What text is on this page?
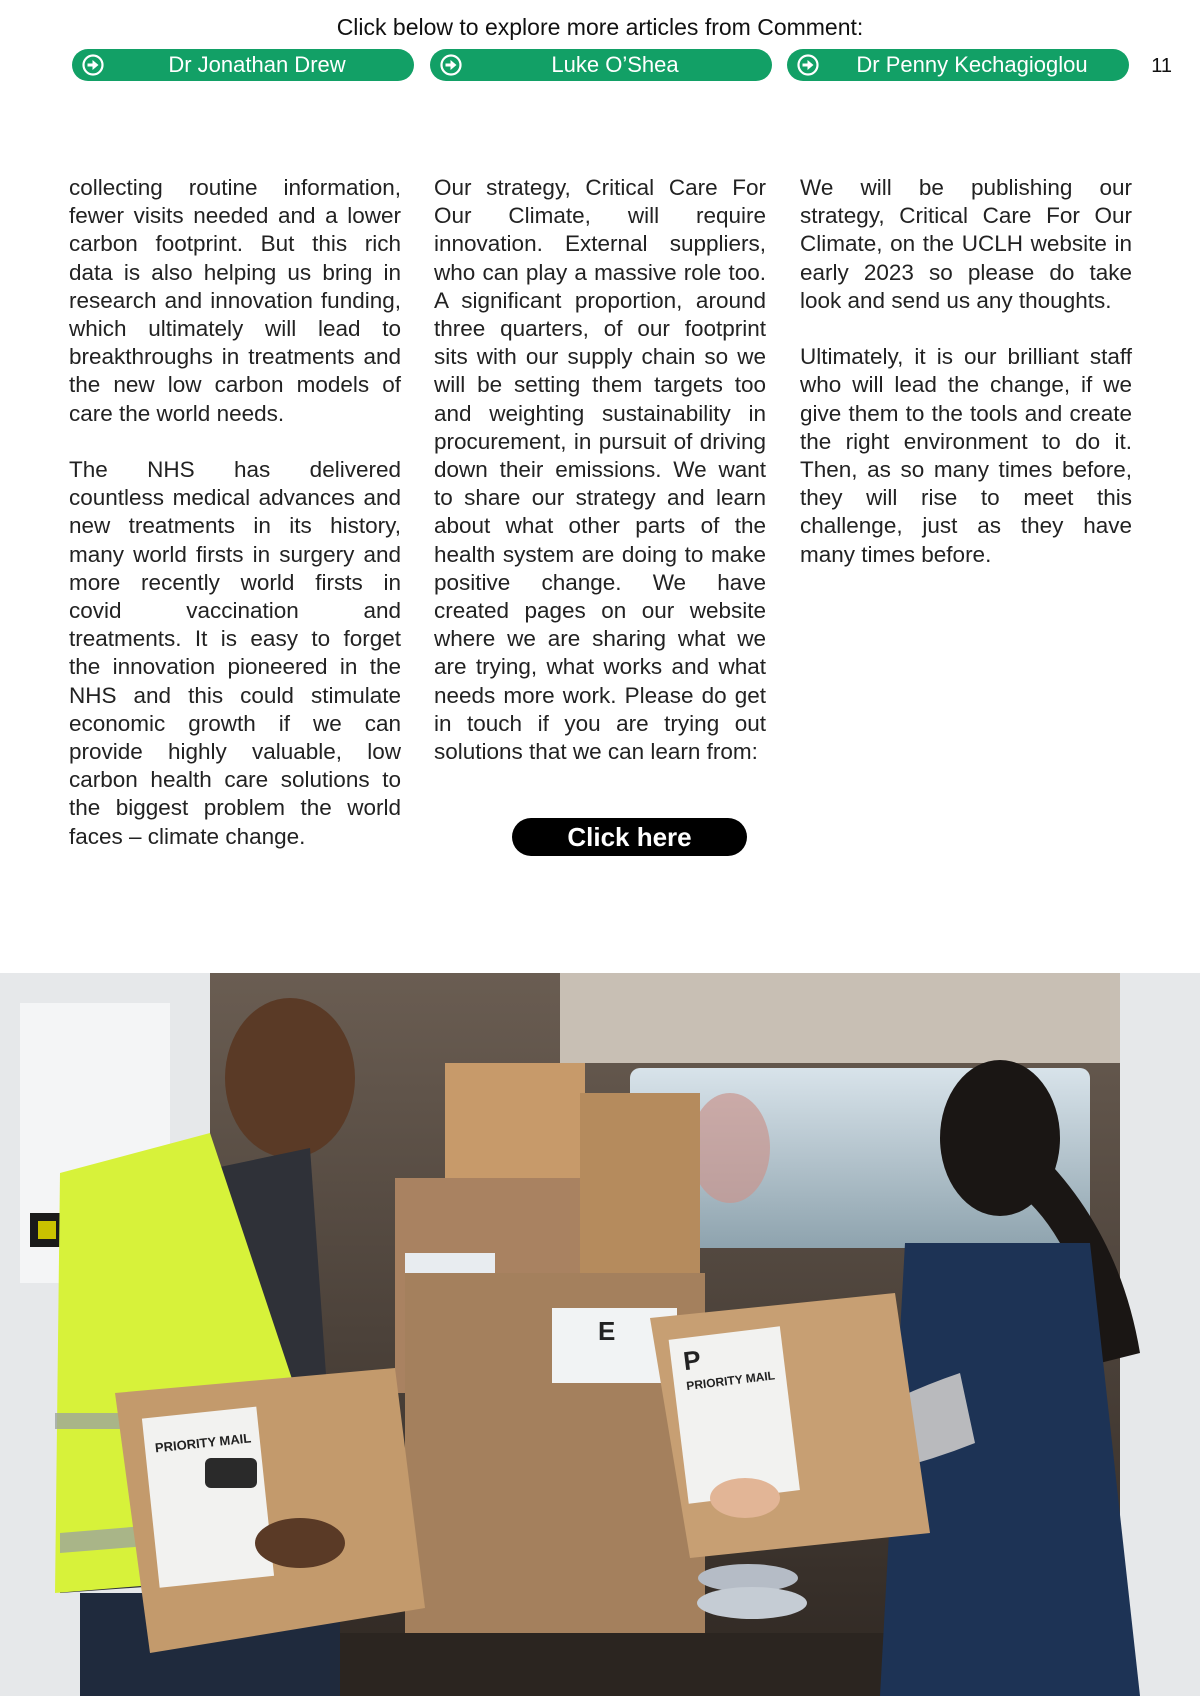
Click below to explore more articles from Comment:
Dr Jonathan Drew	Luke O’Shea	Dr Penny Kechagioglou	11

collecting routine information, fewer visits needed and a lower carbon footprint. But this rich data is also helping us bring in research and innovation funding, which ultimately will lead to breakthroughs in treatments and the new low carbon models of care the world needs.

The NHS has delivered countless medical advances and new treatments in its history, many world firsts in surgery and more recently world firsts in covid vaccination and treatments. It is easy to forget the innovation pioneered in the NHS and this could stimulate economic growth if we can provide highly valuable, low carbon health care solutions to the biggest problem the world faces – climate change.

Our strategy, Critical Care For Our Climate, will require innovation. External suppliers, who can play a massive role too. A significant proportion, around three quarters, of our footprint sits with our supply chain so we will be setting them targets too and weighting sustainability in procurement, in pursuit of driving down their emissions. We want to share our strategy and learn about what other parts of the health system are doing to make positive change. We have created pages on our website where we are sharing what we are trying, what works and what needs more work. Please do get in touch if you are trying out solutions that we can learn from:

We will be publishing our strategy, Critical Care For Our Climate, on the UCLH website in early 2023 so please do take look and send us any thoughts.

Ultimately, it is our brilliant staff who will lead the change, if we give them to the tools and create the right environment to do it. Then, as so many times before, they will rise to meet this challenge, just as they have many times before.

Click here
E
PRIORITY MAIL
P
PRIORITY MAIL
